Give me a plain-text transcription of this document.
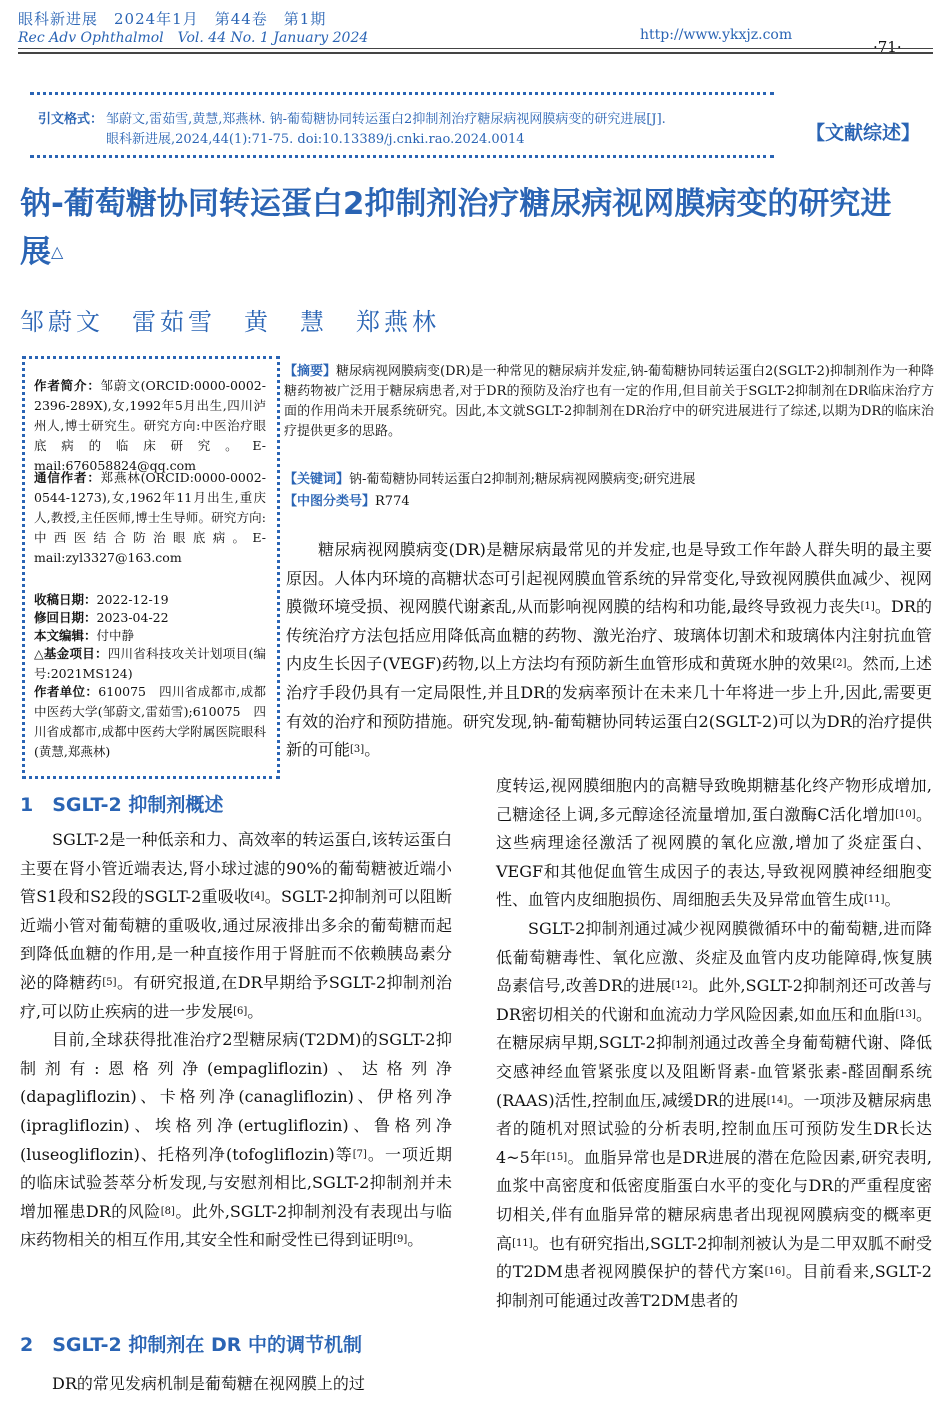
眼科新进展　2024年1月　第44卷　第1期
Rec Adv Ophthalmol　Vol. 44 No. 1 January 2024	http://www.ykxjz.com
·71·
引文格式： 邹蔚文,雷茹雪,黄慧,郑燕林. 钠-葡萄糖协同转运蛋白2抑制剂治疗糖尿病视网膜病变的研究进展[J].
眼科新进展,2024,44(1):71-75. doi:10.13389/j.cnki.rao.2024.0014	【文献综述】
钠-葡萄糖协同转运蛋白2抑制剂治疗糖尿病视网膜病变的研究进展△
邹蔚文　雷茹雪　黄　慧　郑燕林
作者简介：邹蔚文(ORCID:0000-0002-2396-289X),女,1992年5月出生,四川泸州人,博士研究生。研究方向:中医治疗眼底病的临床研究。E-mail:676058824@qq.com
通信作者：郑燕林(ORCID:0000-0002-0544-1273),女,1962年11月出生,重庆人,教授,主任医师,博士生导师。研究方向:中西医结合防治眼底病。E-mail:zyl3327@163.com
收稿日期：2022-12-19
修回日期：2023-04-22
本文编辑：付中静
△基金项目：四川省科技攻关计划项目(编号:2021MS124)
作者单位：610075　四川省成都市,成都中医药大学(邹蔚文,雷茹雪);610075　四川省成都市,成都中医药大学附属医院眼科(黄慧,郑燕林)
【摘要】糖尿病视网膜病变(DR)是一种常见的糖尿病并发症,钠-葡萄糖协同转运蛋白2(SGLT-2)抑制剂作为一种降糖药物被广泛用于糖尿病患者,对于DR的预防及治疗也有一定的作用,但目前关于SGLT-2抑制剂在DR临床治疗方面的作用尚未开展系统研究。因此,本文就SGLT-2抑制剂在DR治疗中的研究进展进行了综述,以期为DR的临床治疗提供更多的思路。
【关键词】钠-葡萄糖协同转运蛋白2抑制剂;糖尿病视网膜病变;研究进展
【中图分类号】R774

糖尿病视网膜病变(DR)是糖尿病最常见的并发症,也是导致工作年龄人群失明的最主要原因。人体内环境的高糖状态可引起视网膜血管系统的异常变化,导致视网膜供血减少、视网膜微环境受损、视网膜代谢紊乱,从而影响视网膜的结构和功能,最终导致视力丧失[1]。DR的传统治疗方法包括应用降低高血糖的药物、激光治疗、玻璃体切割术和玻璃体内注射抗血管内皮生长因子(VEGF)药物,以上方法均有预防新生血管形成和黄斑水肿的效果[2]。然而,上述治疗手段仍具有一定局限性,并且DR的发病率预计在未来几十年将进一步上升,因此,需要更有效的治疗和预防措施。研究发现,钠-葡萄糖协同转运蛋白2(SGLT-2)可以为DR的治疗提供新的可能[3]。

1　SGLT-2 抑制剂概述

SGLT-2是一种低亲和力、高效率的转运蛋白,该转运蛋白主要在肾小管近端表达,肾小球过滤的90%的葡萄糖被近端小管S1段和S2段的SGLT-2重吸收[4]。SGLT-2抑制剂可以阻断近端小管对葡萄糖的重吸收,通过尿液排出多余的葡萄糖而起到降低血糖的作用,是一种直接作用于肾脏而不依赖胰岛素分泌的降糖药[5]。有研究报道,在DR早期给予SGLT-2抑制剂治疗,可以防止疾病的进一步发展[6]。

目前,全球获得批准治疗2型糖尿病(T2DM)的SGLT-2抑制剂有:恩格列净(empagliflozin)、达格列净(dapagliflozin)、卡格列净(canagliflozin)、伊格列净(ipragliflozin)、埃格列净(ertugliflozin)、鲁格列净(luseogliflozin)、托格列净(tofogliflozin)等[7]。一项近期的临床试验荟萃分析发现,与安慰剂相比,SGLT-2抑制剂并未增加罹患DR的风险[8]。此外,SGLT-2抑制剂没有表现出与临床药物相关的相互作用,其安全性和耐受性已得到证明[9]。

2　SGLT-2 抑制剂在 DR 中的调节机制

DR的常见发病机制是葡萄糖在视网膜上的过

度转运,视网膜细胞内的高糖导致晚期糖基化终产物形成增加,己糖途径上调,多元醇途径流量增加,蛋白激酶C活化增加[10]。这些病理途径激活了视网膜的氧化应激,增加了炎症蛋白、VEGF和其他促血管生成因子的表达,导致视网膜神经细胞变性、血管内皮细胞损伤、周细胞丢失及异常血管生成[11]。

SGLT-2抑制剂通过减少视网膜微循环中的葡萄糖,进而降低葡萄糖毒性、氧化应激、炎症及血管内皮功能障碍,恢复胰岛素信号,改善DR的进展[12]。此外,SGLT-2抑制剂还可改善与DR密切相关的代谢和血流动力学风险因素,如血压和血脂[13]。在糖尿病早期,SGLT-2抑制剂通过改善全身葡萄糖代谢、降低交感神经血管紧张度以及阻断肾素-血管紧张素-醛固酮系统(RAAS)活性,控制血压,减缓DR的进展[14]。一项涉及糖尿病患者的随机对照试验的分析表明,控制血压可预防发生DR长达4~5年[15]。血脂异常也是DR进展的潜在危险因素,研究表明,血浆中高密度和低密度脂蛋白水平的变化与DR的严重程度密切相关,伴有血脂异常的糖尿病患者出现视网膜病变的概率更高[11]。也有研究指出,SGLT-2抑制剂被认为是二甲双胍不耐受的T2DM患者视网膜保护的替代方案[16]。目前看来,SGLT-2抑制剂可能通过改善T2DM患者的
